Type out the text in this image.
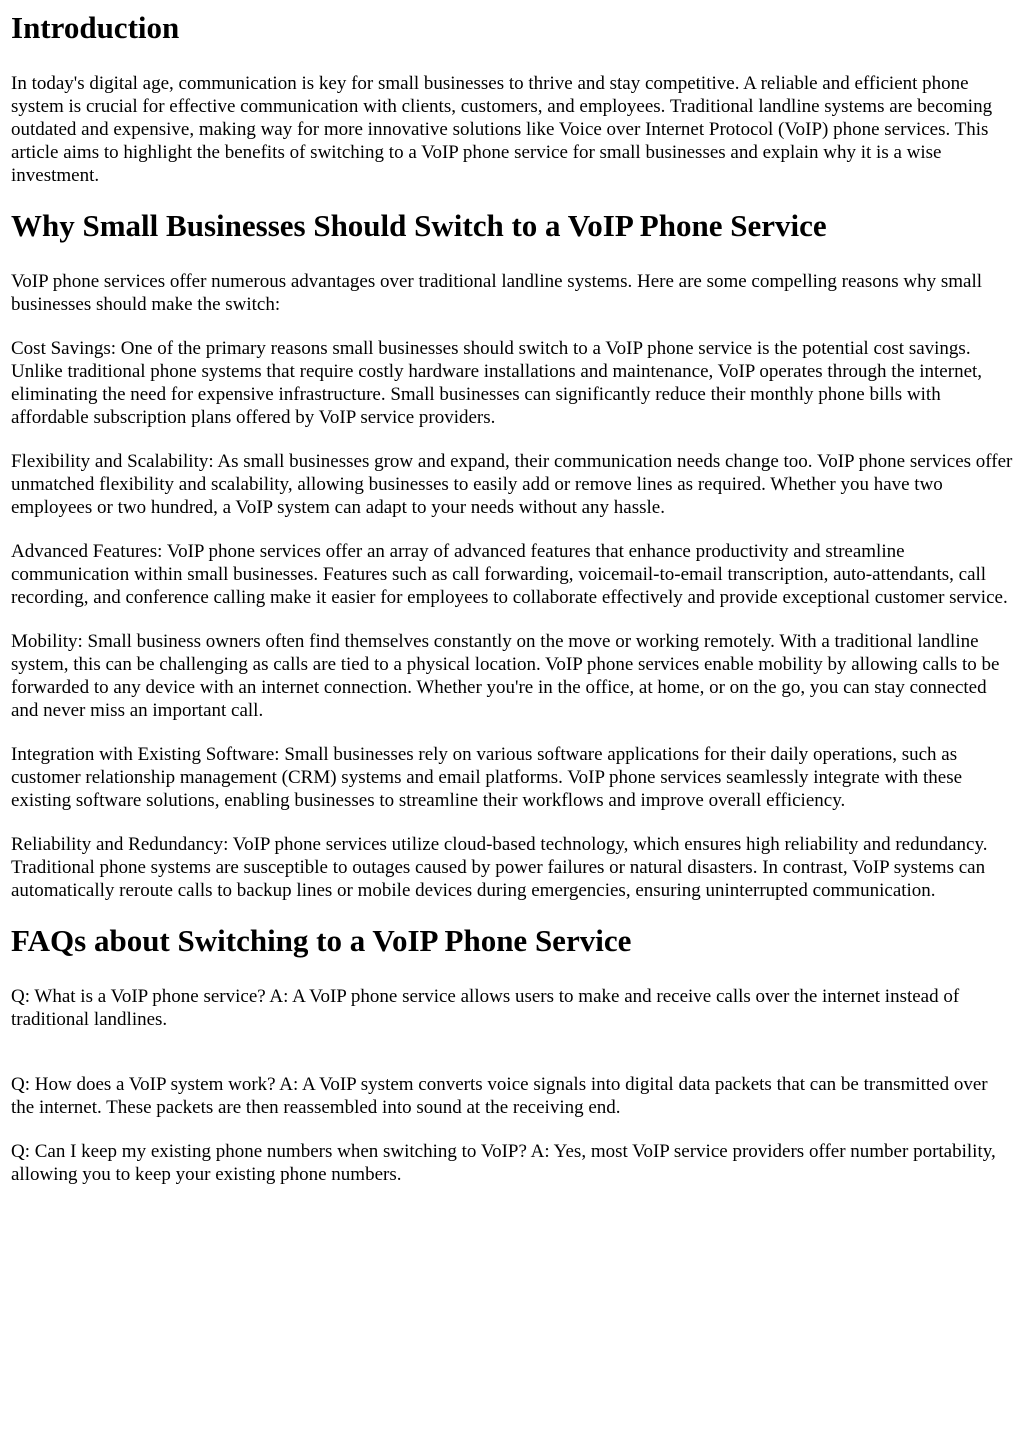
Introduction

In today's digital age, communication is key for small businesses to thrive and stay competitive. A reliable and efficient phone system is crucial for effective communication with clients, customers, and employees. Traditional landline systems are becoming outdated and expensive, making way for more innovative solutions like Voice over Internet Protocol (VoIP) phone services. This article aims to highlight the benefits of switching to a VoIP phone service for small businesses and explain why it is a wise investment.

Why Small Businesses Should Switch to a VoIP Phone Service

VoIP phone services offer numerous advantages over traditional landline systems. Here are some compelling reasons why small businesses should make the switch:

Cost Savings: One of the primary reasons small businesses should switch to a VoIP phone service is the potential cost savings. Unlike traditional phone systems that require costly hardware installations and maintenance, VoIP operates through the internet, eliminating the need for expensive infrastructure. Small businesses can significantly reduce their monthly phone bills with affordable subscription plans offered by VoIP service providers.

Flexibility and Scalability: As small businesses grow and expand, their communication needs change too. VoIP phone services offer unmatched flexibility and scalability, allowing businesses to easily add or remove lines as required. Whether you have two employees or two hundred, a VoIP system can adapt to your needs without any hassle.

Advanced Features: VoIP phone services offer an array of advanced features that enhance productivity and streamline communication within small businesses. Features such as call forwarding, voicemail-to-email transcription, auto-attendants, call recording, and conference calling make it easier for employees to collaborate effectively and provide exceptional customer service.

Mobility: Small business owners often find themselves constantly on the move or working remotely. With a traditional landline system, this can be challenging as calls are tied to a physical location. VoIP phone services enable mobility by allowing calls to be forwarded to any device with an internet connection. Whether you're in the office, at home, or on the go, you can stay connected and never miss an important call.

Integration with Existing Software: Small businesses rely on various software applications for their daily operations, such as customer relationship management (CRM) systems and email platforms. VoIP phone services seamlessly integrate with these existing software solutions, enabling businesses to streamline their workflows and improve overall efficiency.

Reliability and Redundancy: VoIP phone services utilize cloud-based technology, which ensures high reliability and redundancy. Traditional phone systems are susceptible to outages caused by power failures or natural disasters. In contrast, VoIP systems can automatically reroute calls to backup lines or mobile devices during emergencies, ensuring uninterrupted communication.

FAQs about Switching to a VoIP Phone Service

Q: What is a VoIP phone service? A: A VoIP phone service allows users to make and receive calls over the internet instead of traditional landlines.

Q: How does a VoIP system work? A: A VoIP system converts voice signals into digital data packets that can be transmitted over the internet. These packets are then reassembled into sound at the receiving end.

Q: Can I keep my existing phone numbers when switching to VoIP? A: Yes, most VoIP service providers offer number portability, allowing you to keep your existing phone numbers.
